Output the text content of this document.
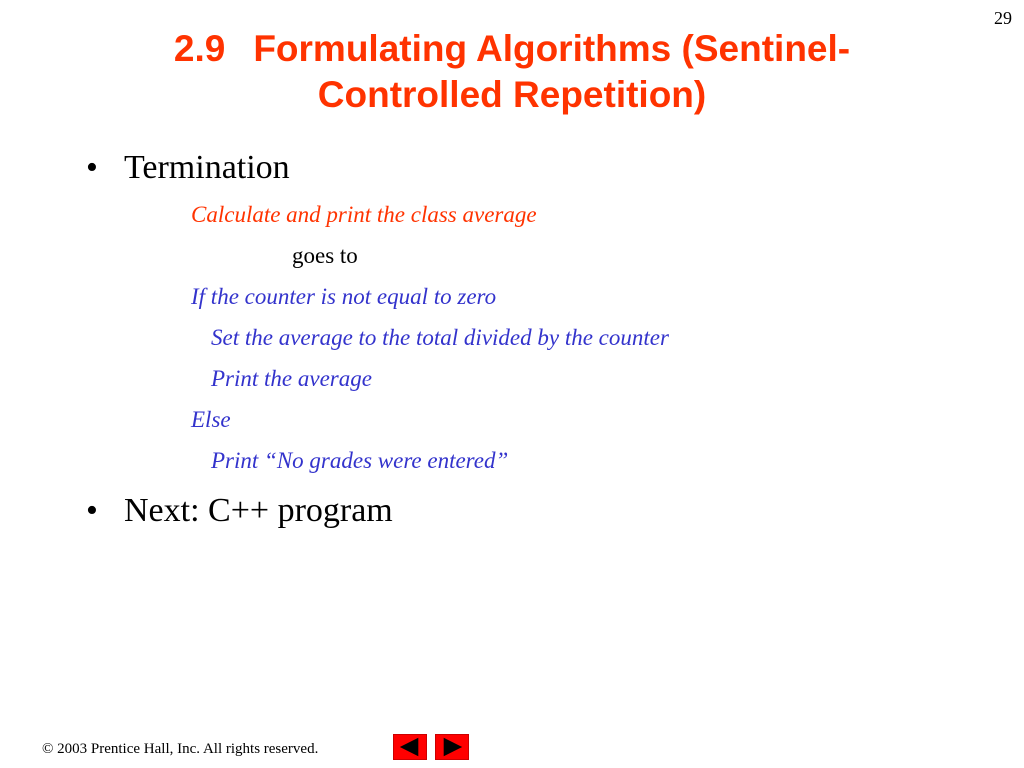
29
2.9 Formulating Algorithms (Sentinel-
Controlled Repetition)
• Termination
Calculate and print the class average
goes to
If the counter is not equal to zero
Set the average to the total divided by the counter
Print the average
Else
Print “No grades were entered”
• Next: C++ program
© 2003 Prentice Hall, Inc. All rights reserved.
